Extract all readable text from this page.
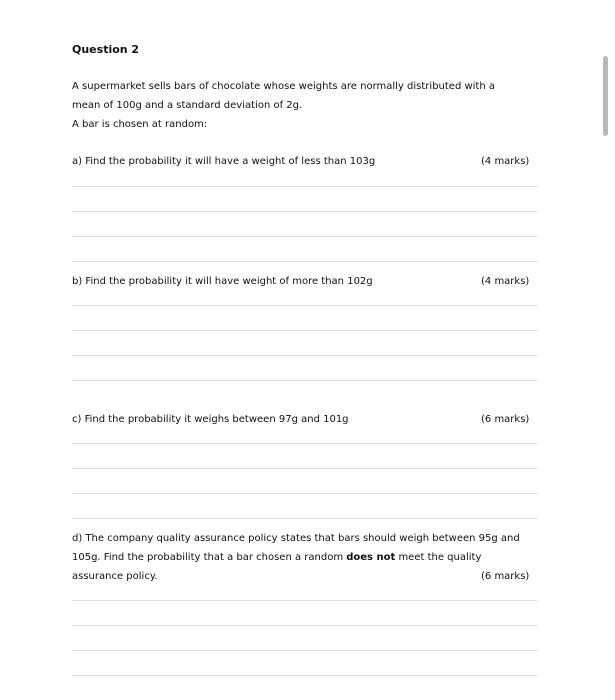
Question 2
A supermarket sells bars of chocolate whose weights are normally distributed with a
mean of 100g and a standard deviation of 2g.
A bar is chosen at random:
a) Find the probability it will have a weight of less than 103g	(4 marks)
b) Find the probability it will have weight of more than 102g	(4 marks)
c) Find the probability it weighs between 97g and 101g	(6 marks)
d) The company quality assurance policy states that bars should weigh between 95g and
105g. Find the probability that a bar chosen a random does not meet the quality
assurance policy.	(6 marks)
